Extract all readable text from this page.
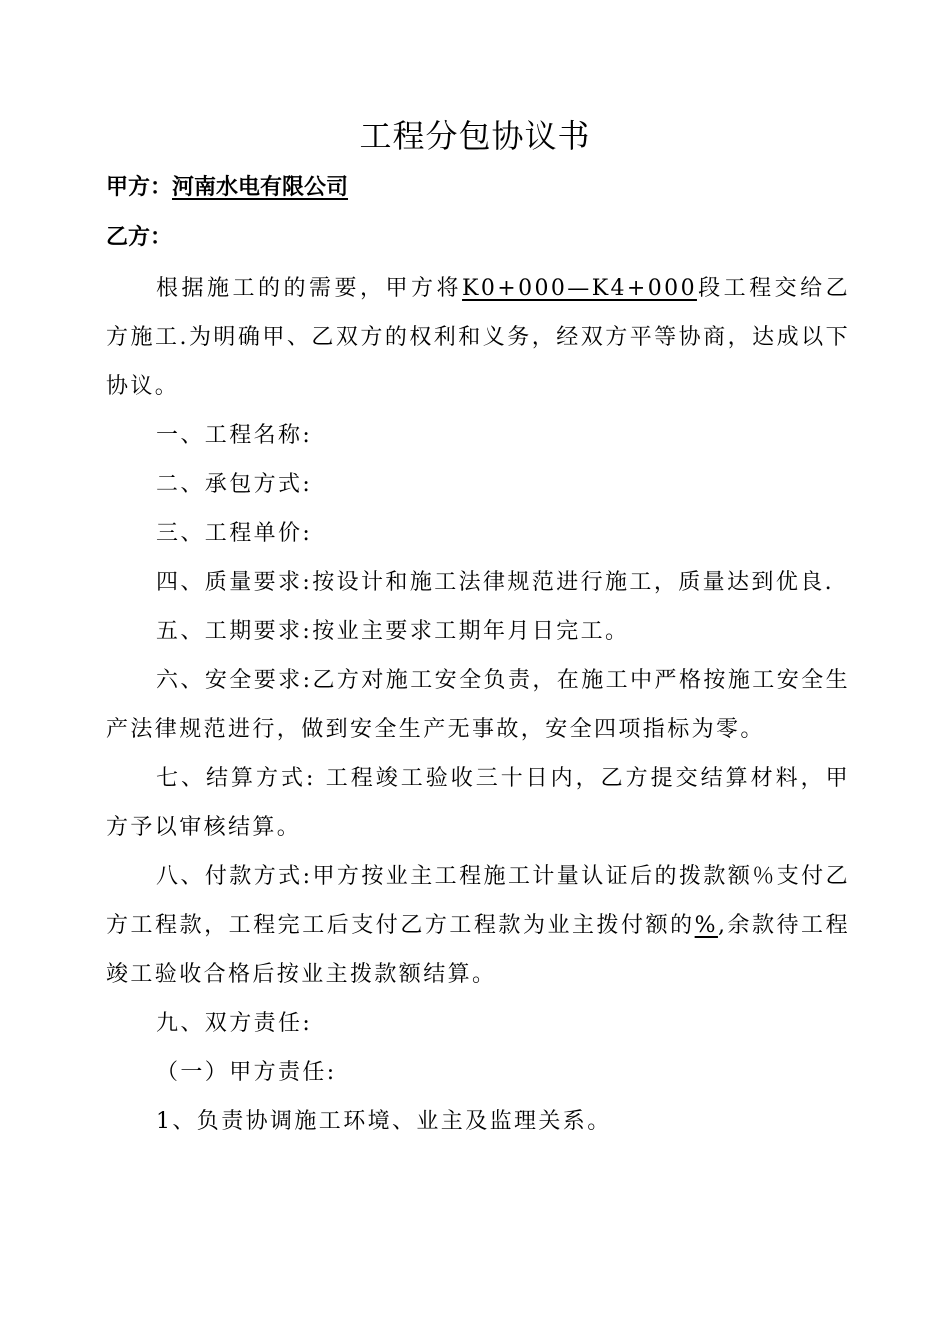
工程分包协议书
甲方：河南水电有限公司
乙方：

根据施工的的需要，甲方将K0+000—K4+000段工程交给乙方施工.为明确甲、乙双方的权利和义务，经双方平等协商，达成以下协议。

一、工程名称:

二、承包方式:

三、工程单价:

四、质量要求:按设计和施工法律规范进行施工，质量达到优良.

五、工期要求:按业主要求工期年月日完工。

六、安全要求:乙方对施工安全负责，在施工中严格按施工安全生产法律规范进行，做到安全生产无事故，安全四项指标为零。

七、结算方式: 工程竣工验收三十日内，乙方提交结算材料，甲方予以审核结算。

八、付款方式:甲方按业主工程施工计量认证后的拨款额％支付乙方工程款，工程完工后支付乙方工程款为业主拨付额的%,余款待工程竣工验收合格后按业主拨款额结算。

九、双方责任:

（一）甲方责任:

1、负责协调施工环境、业主及监理关系。
